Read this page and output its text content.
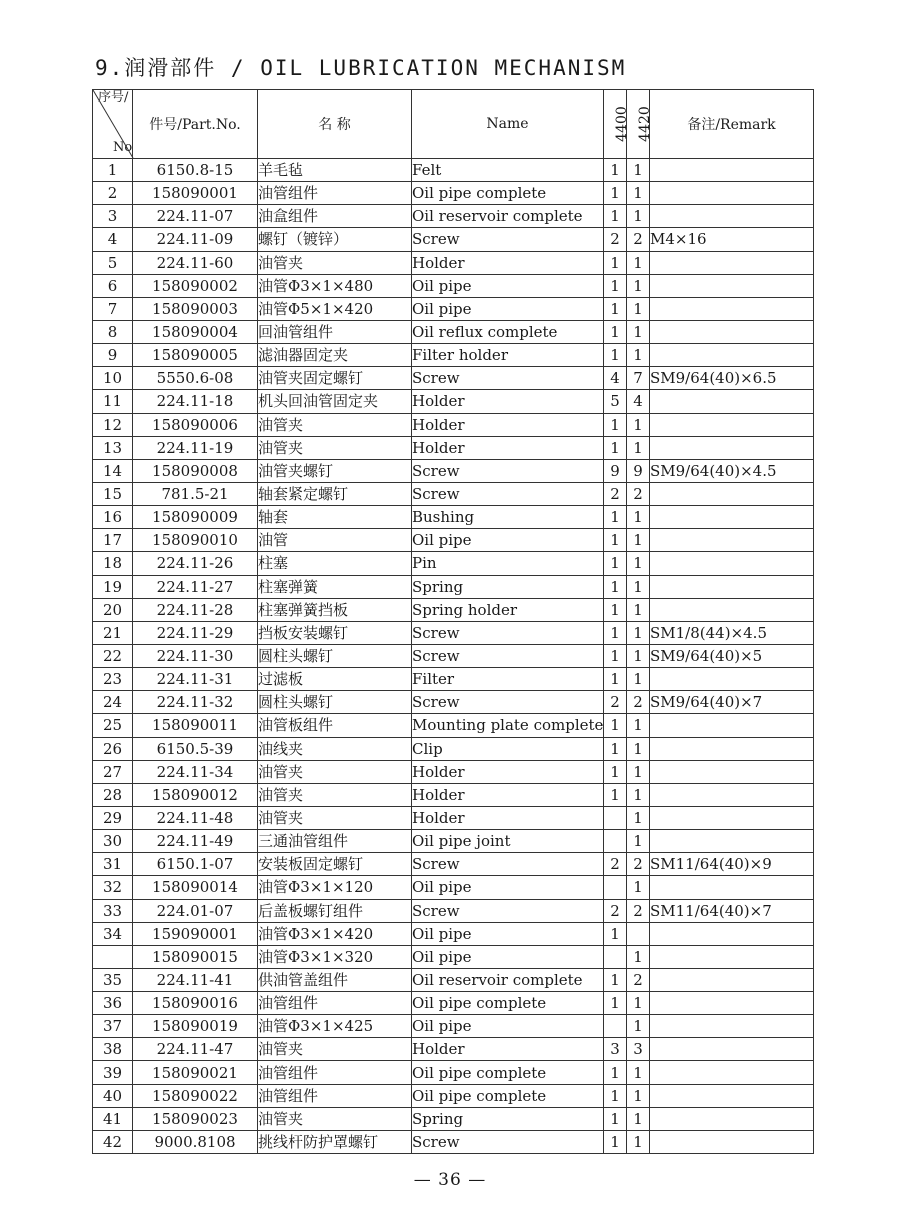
9.润滑部件 / OIL LUBRICATION MECHANISM
序号/
No	件号/Part.No.	名 称	Name	4400	4420	备注/Remark
1	6150.8-15	羊毛毡	Felt	1	1	
2	158090001	油管组件	Oil pipe complete	1	1	
3	224.11-07	油盒组件	Oil reservoir complete	1	1	
4	224.11-09	螺钉（镀锌）	Screw	2	2	M4×16
5	224.11-60	油管夹	Holder	1	1	
6	158090002	油管Φ3×1×480	Oil pipe	1	1	
7	158090003	油管Φ5×1×420	Oil pipe	1	1	
8	158090004	回油管组件	Oil reflux complete	1	1	
9	158090005	滤油器固定夹	Filter holder	1	1	
10	5550.6-08	油管夹固定螺钉	Screw	4	7	SM9/64(40)×6.5
11	224.11-18	机头回油管固定夹	Holder	5	4	
12	158090006	油管夹	Holder	1	1	
13	224.11-19	油管夹	Holder	1	1	
14	158090008	油管夹螺钉	Screw	9	9	SM9/64(40)×4.5
15	781.5-21	轴套紧定螺钉	Screw	2	2	
16	158090009	轴套	Bushing	1	1	
17	158090010	油管	Oil pipe	1	1	
18	224.11-26	柱塞	Pin	1	1	
19	224.11-27	柱塞弹簧	Spring	1	1	
20	224.11-28	柱塞弹簧挡板	Spring holder	1	1	
21	224.11-29	挡板安装螺钉	Screw	1	1	SM1/8(44)×4.5
22	224.11-30	圆柱头螺钉	Screw	1	1	SM9/64(40)×5
23	224.11-31	过滤板	Filter	1	1	
24	224.11-32	圆柱头螺钉	Screw	2	2	SM9/64(40)×7
25	158090011	油管板组件	Mounting plate complete	1	1	
26	6150.5-39	油线夹	Clip	1	1	
27	224.11-34	油管夹	Holder	1	1	
28	158090012	油管夹	Holder	1	1	
29	224.11-48	油管夹	Holder		1	
30	224.11-49	三通油管组件	Oil pipe joint		1	
31	6150.1-07	安装板固定螺钉	Screw	2	2	SM11/64(40)×9
32	158090014	油管Φ3×1×120	Oil pipe		1	
33	224.01-07	后盖板螺钉组件	Screw	2	2	SM11/64(40)×7
34	159090001	油管Φ3×1×420	Oil pipe	1		
	158090015	油管Φ3×1×320	Oil pipe		1	
35	224.11-41	供油管盖组件	Oil reservoir complete	1	2	
36	158090016	油管组件	Oil pipe complete	1	1	
37	158090019	油管Φ3×1×425	Oil pipe		1	
38	224.11-47	油管夹	Holder	3	3	
39	158090021	油管组件	Oil pipe complete	1	1	
40	158090022	油管组件	Oil pipe complete	1	1	
41	158090023	油管夹	Spring	1	1	
42	9000.8108	挑线杆防护罩螺钉	Screw	1	1	
— 36 —
